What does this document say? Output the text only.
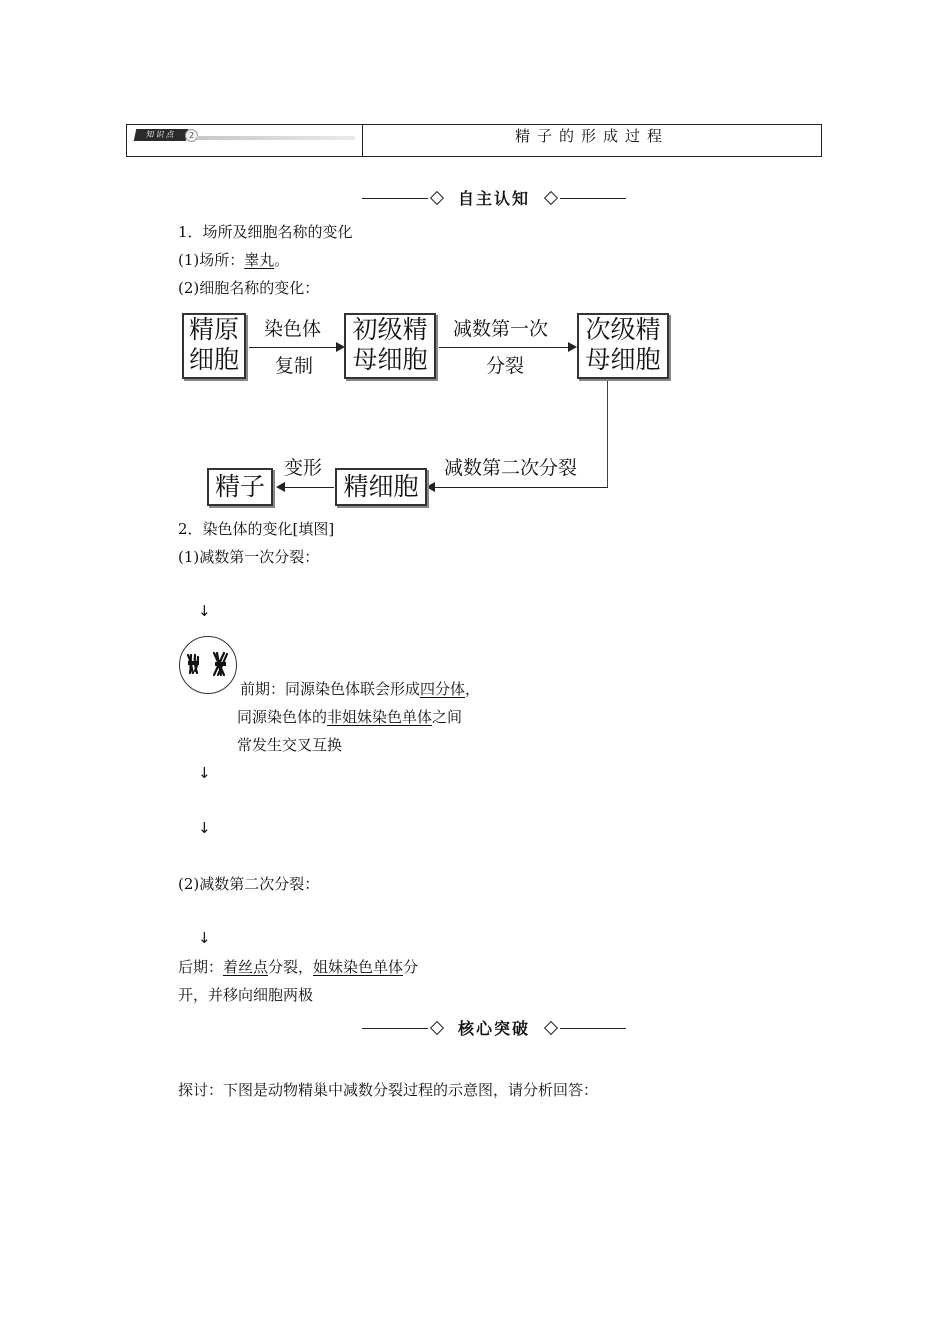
知识点	2	精子的形成过程
自主认知
1．场所及细胞名称的变化
(1)场所：睾丸。
(2)细胞名称的变化：
精原
细胞
染色体
复制
初级精
母细胞
减数第一次
分裂
次级精
母细胞
减数第二次分裂
精细胞
变形
精子
2．染色体的变化[填图]
(1)减数第一次分裂：
↓
前期：同源染色体联会形成四分体，
同源染色体的非姐妹染色单体之间
常发生交叉互换
↓
↓
(2)减数第二次分裂：
↓
后期：着丝点分裂，姐妹染色单体分
开，并移向细胞两极
核心突破
探讨：下图是动物精巢中减数分裂过程的示意图，请分析回答：
